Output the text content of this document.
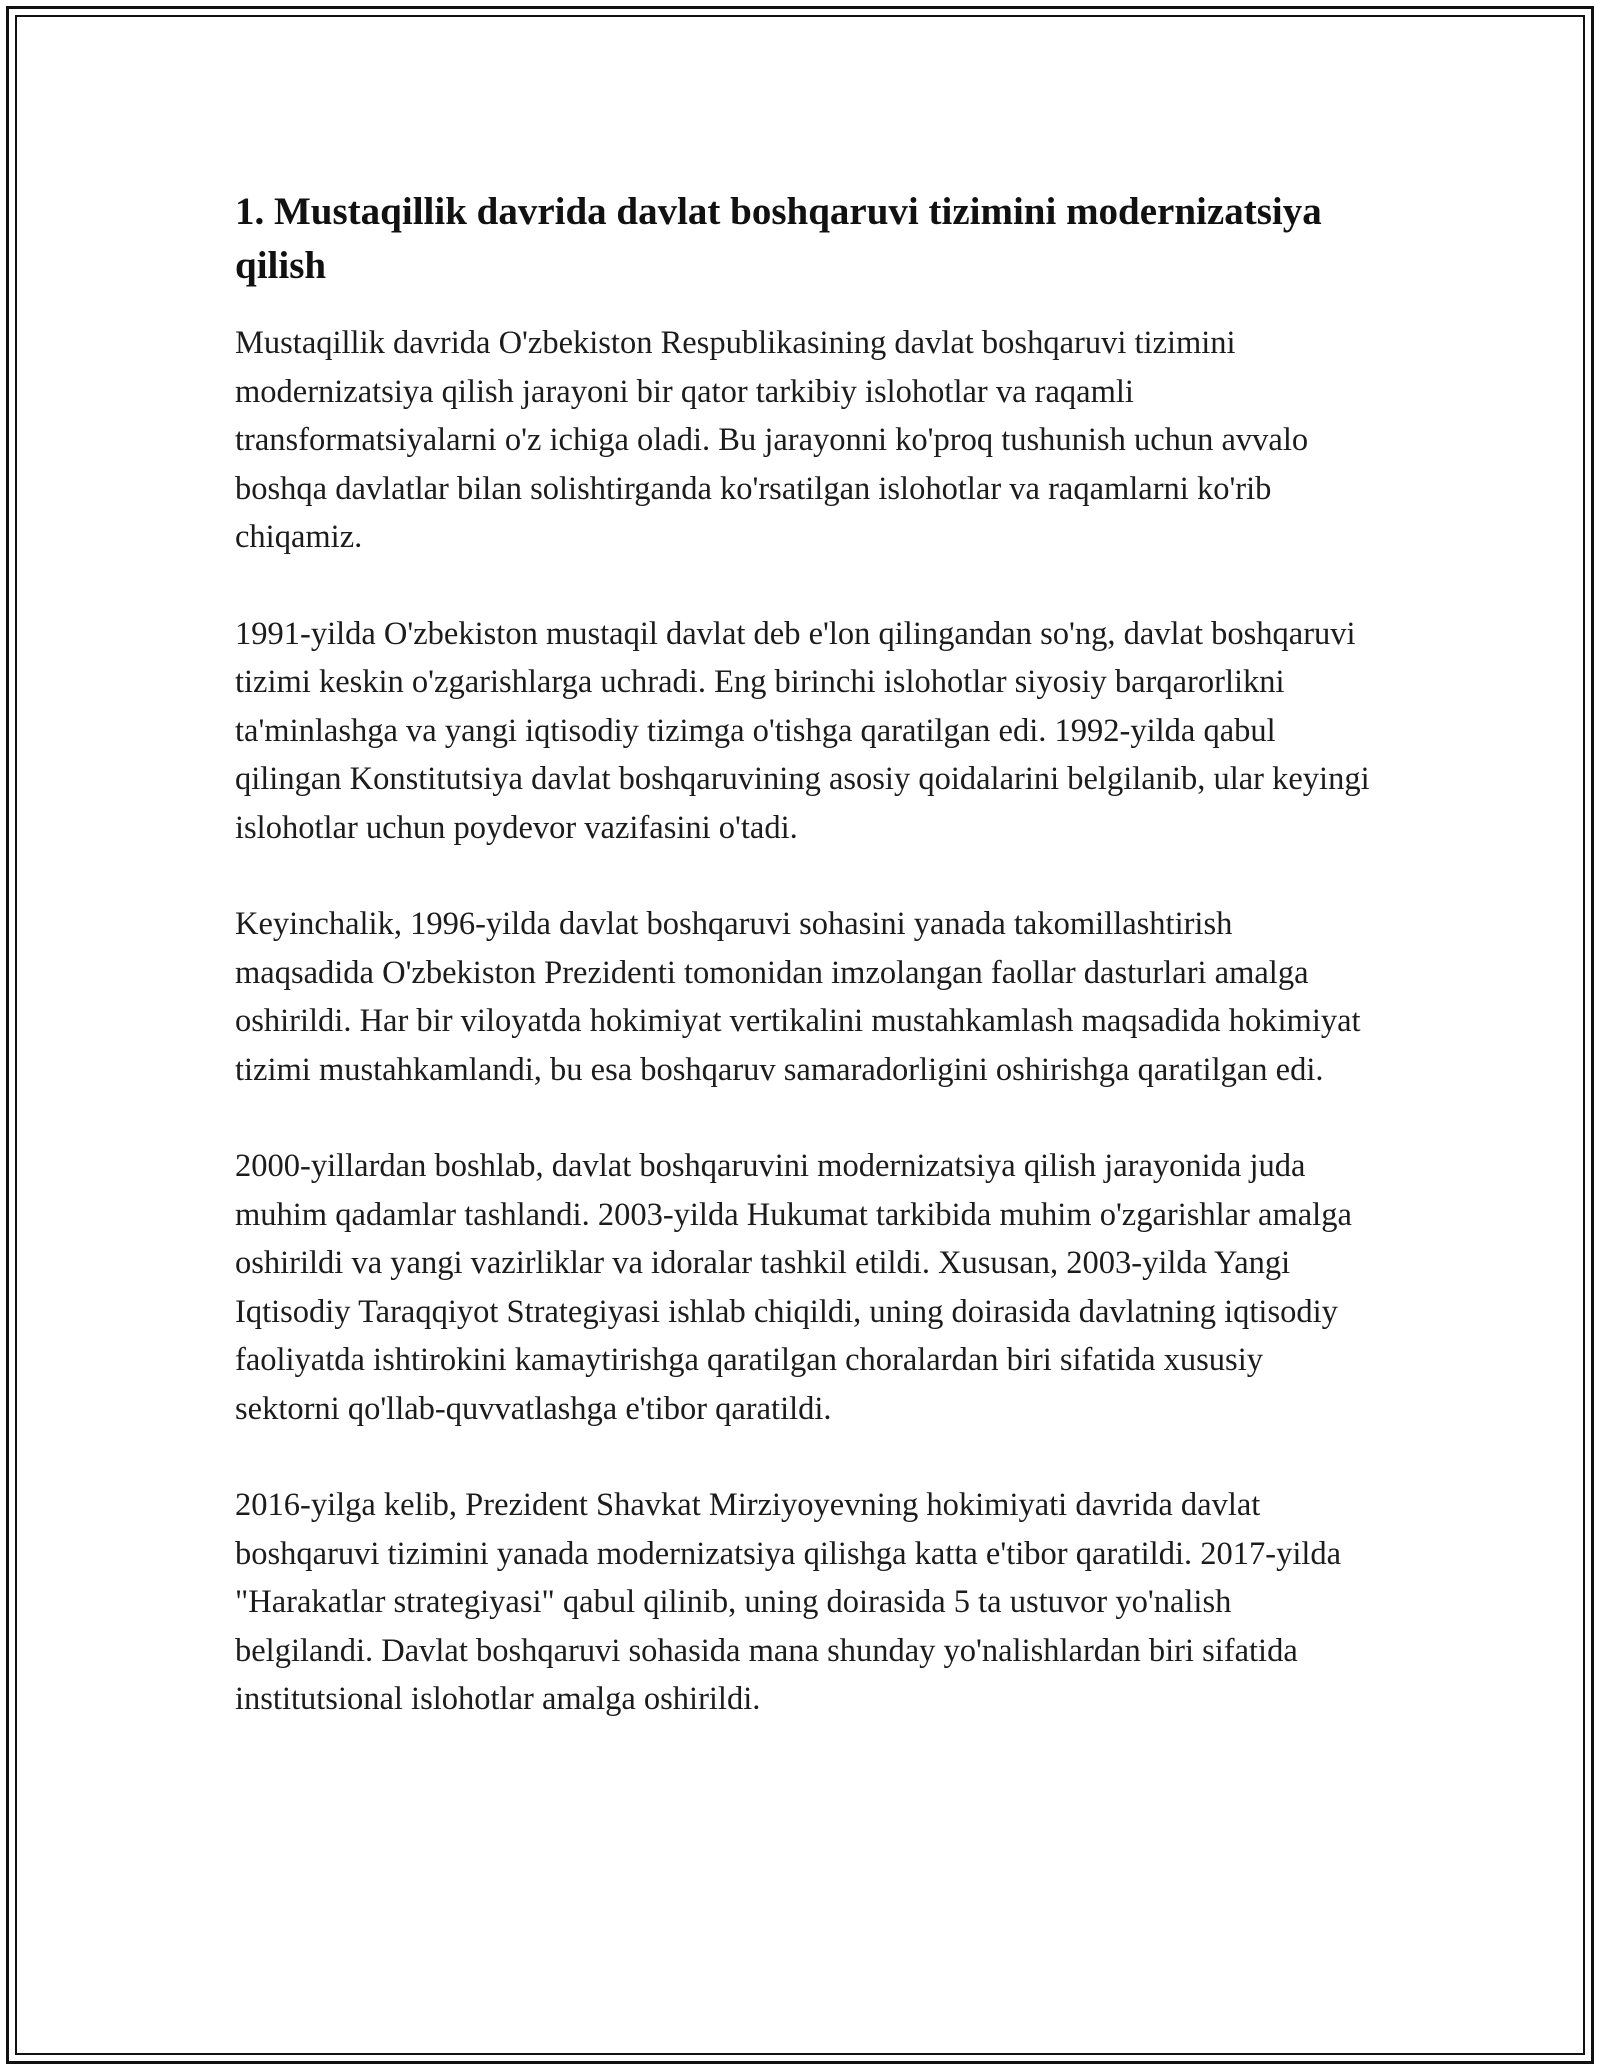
1. Mustaqillik davrida davlat boshqaruvi tizimini modernizatsiya qilish

Mustaqillik davrida O'zbekiston Respublikasining davlat boshqaruvi tizimini modernizatsiya qilish jarayoni bir qator tarkibiy islohotlar va raqamli transformatsiyalarni o'z ichiga oladi. Bu jarayonni ko'proq tushunish uchun avvalo boshqa davlatlar bilan solishtirganda ko'rsatilgan islohotlar va raqamlarni ko'rib chiqamiz.

1991-yilda O'zbekiston mustaqil davlat deb e'lon qilingandan so'ng, davlat boshqaruvi tizimi keskin o'zgarishlarga uchradi. Eng birinchi islohotlar siyosiy barqarorlikni ta'minlashga va yangi iqtisodiy tizimga o'tishga qaratilgan edi. 1992-yilda qabul qilingan Konstitutsiya davlat boshqaruvining asosiy qoidalarini belgilanib, ular keyingi islohotlar uchun poydevor vazifasini o'tadi.

Keyinchalik, 1996-yilda davlat boshqaruvi sohasini yanada takomillashtirish maqsadida O'zbekiston Prezidenti tomonidan imzolangan faollar dasturlari amalga oshirildi. Har bir viloyatda hokimiyat vertikalini mustahkamlash maqsadida hokimiyat tizimi mustahkamlandi, bu esa boshqaruv samaradorligini oshirishga qaratilgan edi.

2000-yillardan boshlab, davlat boshqaruvini modernizatsiya qilish jarayonida juda muhim qadamlar tashlandi. 2003-yilda Hukumat tarkibida muhim o'zgarishlar amalga oshirildi va yangi vazirliklar va idoralar tashkil etildi. Xususan, 2003-yilda Yangi Iqtisodiy Taraqqiyot Strategiyasi ishlab chiqildi, uning doirasida davlatning iqtisodiy faoliyatda ishtirokini kamaytirishga qaratilgan choralardan biri sifatida xususiy sektorni qo'llab-quvvatlashga e'tibor qaratildi.

2016-yilga kelib, Prezident Shavkat Mirziyoyevning hokimiyati davrida davlat boshqaruvi tizimini yanada modernizatsiya qilishga katta e'tibor qaratildi. 2017-yilda "Harakatlar strategiyasi" qabul qilinib, uning doirasida 5 ta ustuvor yo'nalish belgilandi. Davlat boshqaruvi sohasida mana shunday yo'nalishlardan biri sifatida institutsional islohotlar amalga oshirildi.
